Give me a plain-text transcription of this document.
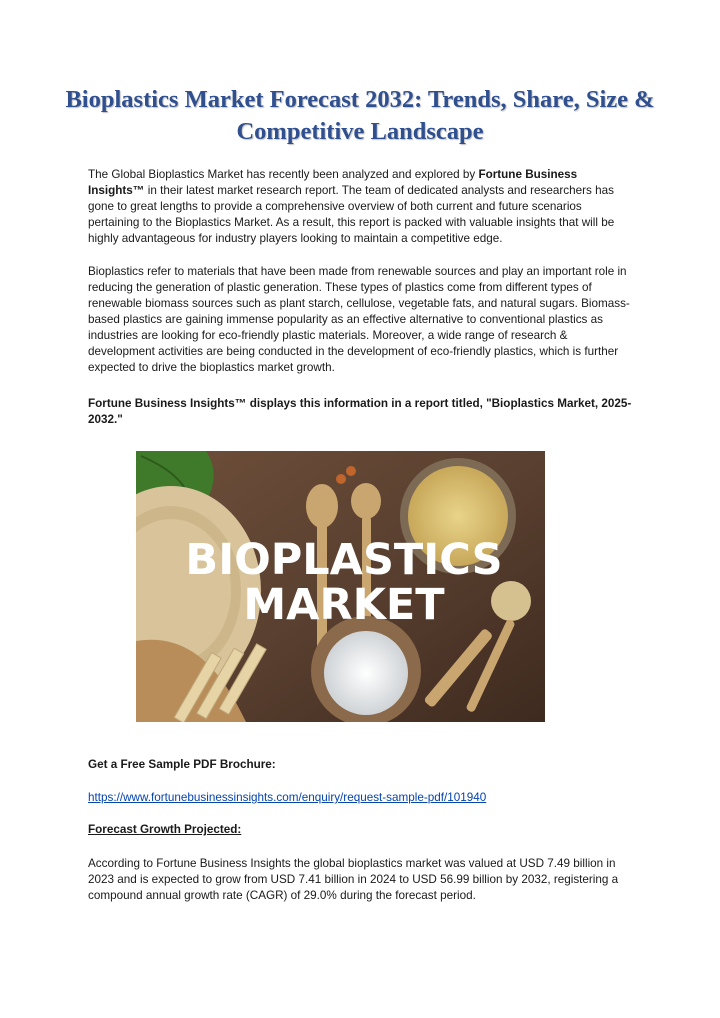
Bioplastics Market Forecast 2032: Trends, Share, Size & Competitive Landscape

The Global Bioplastics Market has recently been analyzed and explored by Fortune Business Insights™ in their latest market research report. The team of dedicated analysts and researchers has gone to great lengths to provide a comprehensive overview of both current and future scenarios pertaining to the Bioplastics Market. As a result, this report is packed with valuable insights that will be highly advantageous for industry players looking to maintain a competitive edge.

Bioplastics refer to materials that have been made from renewable sources and play an important role in reducing the generation of plastic generation. These types of plastics come from different types of renewable biomass sources such as plant starch, cellulose, vegetable fats, and natural sugars. Biomass-based plastics are gaining immense popularity as an effective alternative to conventional plastics as industries are looking for eco-friendly plastic materials. Moreover, a wide range of research & development activities are being conducted in the development of eco-friendly plastics, which is further expected to drive the bioplastics market growth.

Fortune Business Insights™ displays this information in a report titled, "Bioplastics Market, 2025-2032."

BIOPLASTICS
MARKET

Get a Free Sample PDF Brochure:

https://www.fortunebusinessinsights.com/enquiry/request-sample-pdf/101940

Forecast Growth Projected:

According to Fortune Business Insights the global bioplastics market was valued at USD 7.49 billion in 2023 and is expected to grow from USD 7.41 billion in 2024 to USD 56.99 billion by 2032, registering a compound annual growth rate (CAGR) of 29.0% during the forecast period.
